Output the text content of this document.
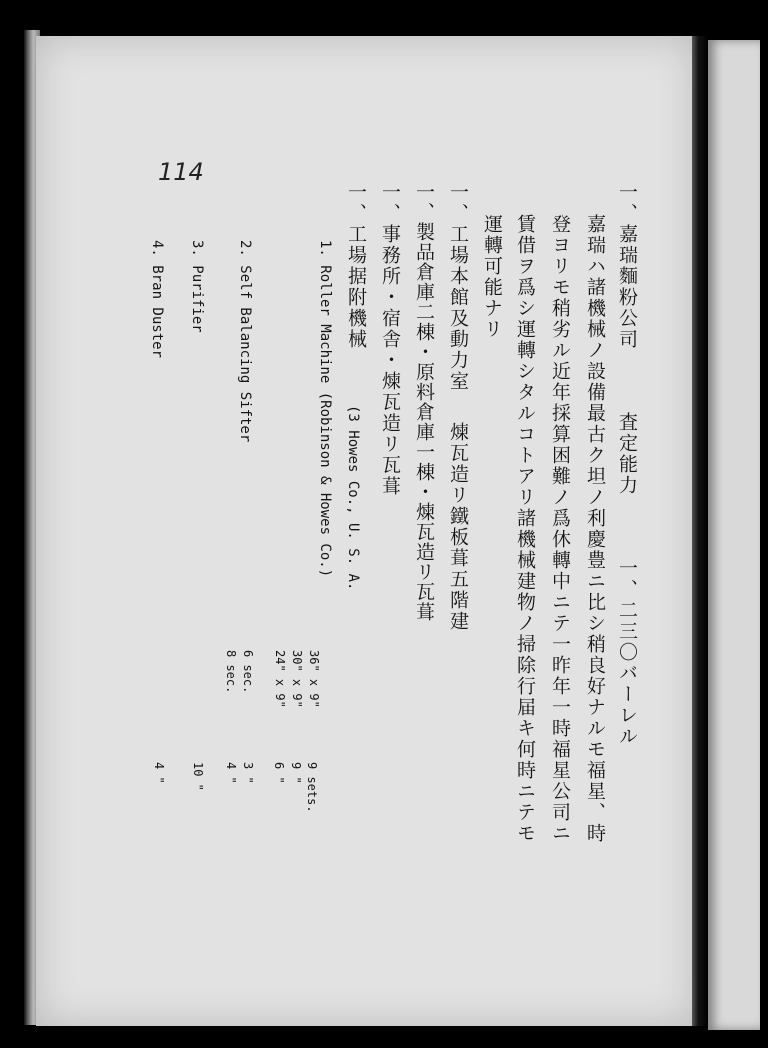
114
一、嘉瑞麵粉公司査定能力一、二三〇バーレル
嘉瑞ハ諸機械ノ設備最古ク坦ノ利慶豊ニ比シ稍良好ナルモ福星、時
登ヨリモ稍劣ル近年採算困難ノ爲休轉中ニテ一昨年一時福星公司ニ
賃借ヲ爲シ運轉シタルコトアリ諸機械建物ノ掃除行届キ何時ニテモ
運轉可能ナリ
一、工場本館及動力室煉瓦造リ鐵板葺五階建
一、製品倉庫二棟・原料倉庫一棟・煉瓦造リ瓦葺
一、事務所・宿舎・煉瓦造リ瓦葺
一、工場据附機械
(3 Howes Co., U. S. A.
1. Roller Machine (Robinson & Howes Co.)
36" x 9"
30" x 9"
24" x 9"
9 sets.
9 "
6 "
2. Self Balancing Sifter
6 sec.
8 sec.
3 "
4 "
3. Purifier
10 "
4. Bran Duster
4 "
